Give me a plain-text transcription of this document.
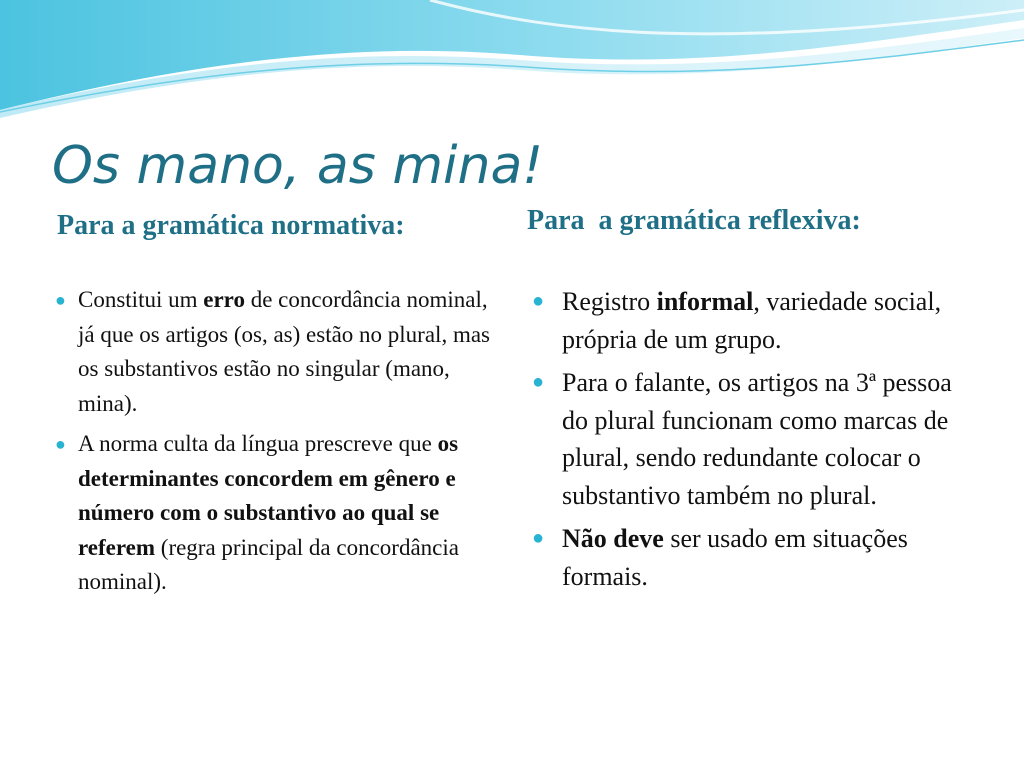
Os mano, as mina!
Para a gramática normativa:	Para  a gramática reflexiva:
● Constitui um erro de concordância nominal, já que os artigos (os, as) estão no plural, mas os substantivos estão no singular (mano, mina).
● A norma culta da língua prescreve que os determinantes concordem em gênero e número com o substantivo ao qual se referem (regra principal da concordância nominal).
● Registro informal, variedade social, própria de um grupo.
● Para o falante, os artigos na 3ª pessoa do plural funcionam como marcas de plural, sendo redundante colocar o substantivo também no plural.
● Não deve ser usado em situações formais.
